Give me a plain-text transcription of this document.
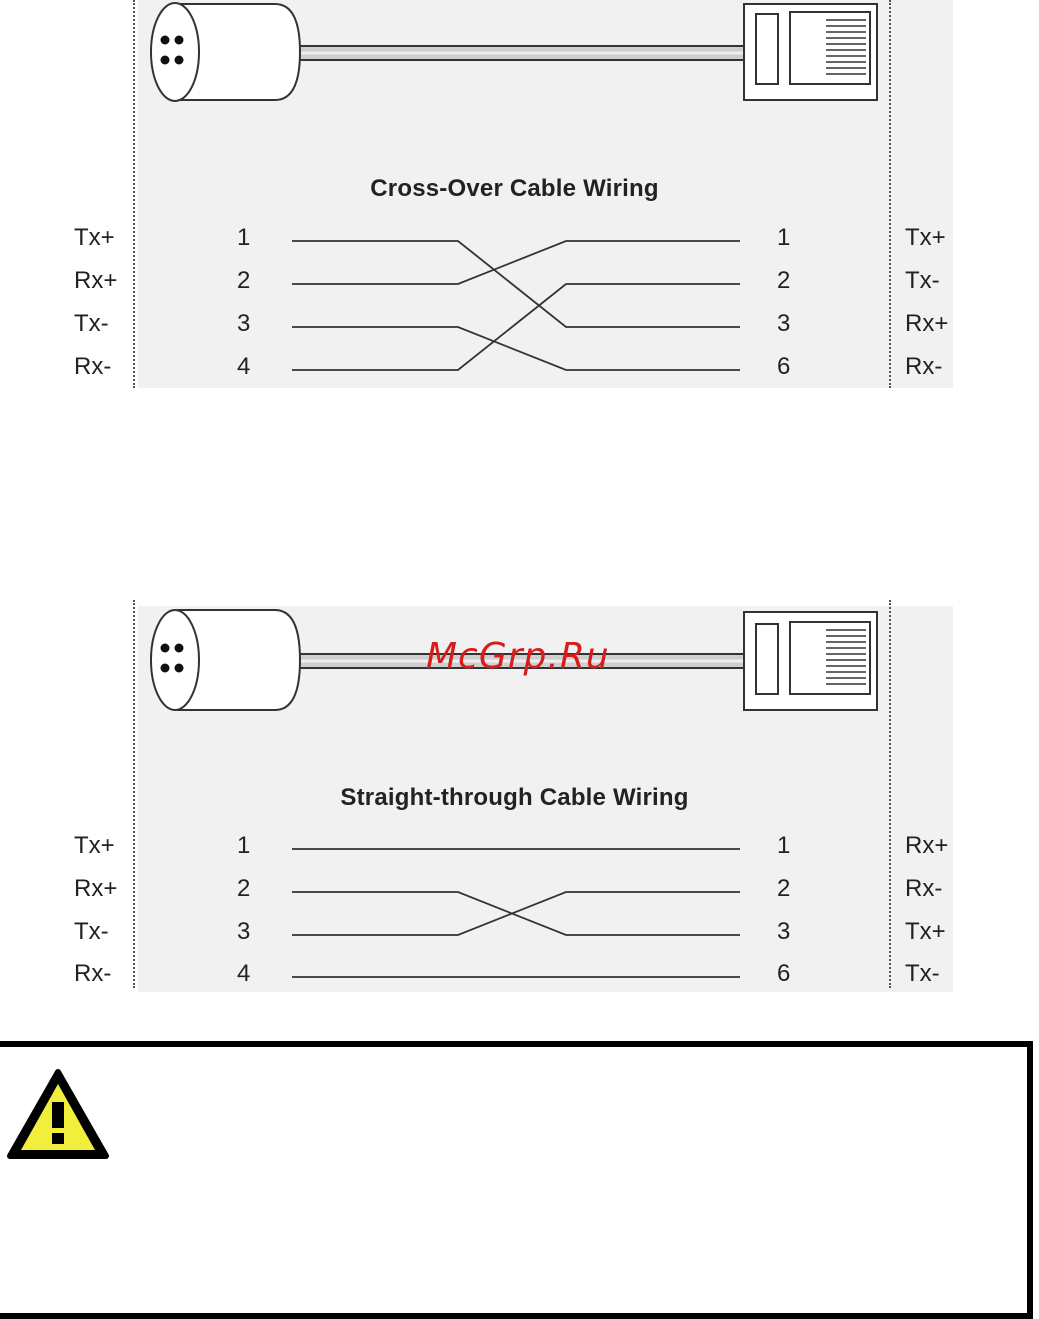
Cross-Over Cable Wiring
Tx+
Rx+
Tx-
Rx-
1
2
3
4
1
2
3
6
Tx+
Tx-
Rx+
Rx-
Straight-through Cable Wiring
Tx+
Rx+
Tx-
Rx-
1
2
3
4
1
2
3
6
Rx+
Rx-
Tx+
Tx-
McGrp.Ru
